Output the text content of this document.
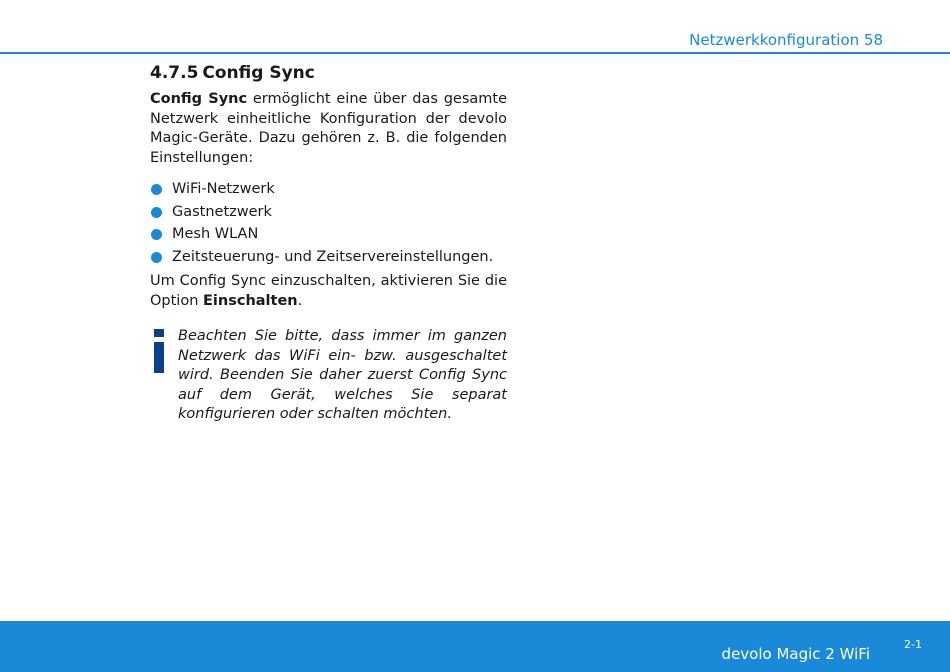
Netzwerkkonfiguration 58
4.7.5 Config Sync

Config Sync ermöglicht eine über das gesamte Netzwerk einheitliche Konfiguration der devolo Magic-Geräte. Dazu gehören z. B. die folgenden Einstellungen:

WiFi-Netzwerk
Gastnetzwerk
Mesh WLAN
Zeitsteuerung- und Zeitservereinstellungen.

Um Config Sync einzuschalten, aktivieren Sie die Option Einschalten.

Beachten Sie bitte, dass immer im ganzen Netzwerk das WiFi ein- bzw. ausgeschaltet wird. Beenden Sie daher zuerst Config Sync auf dem Gerät, welches Sie separat konfigurieren oder schalten möchten.

devolo Magic 2 WiFi
2-1
